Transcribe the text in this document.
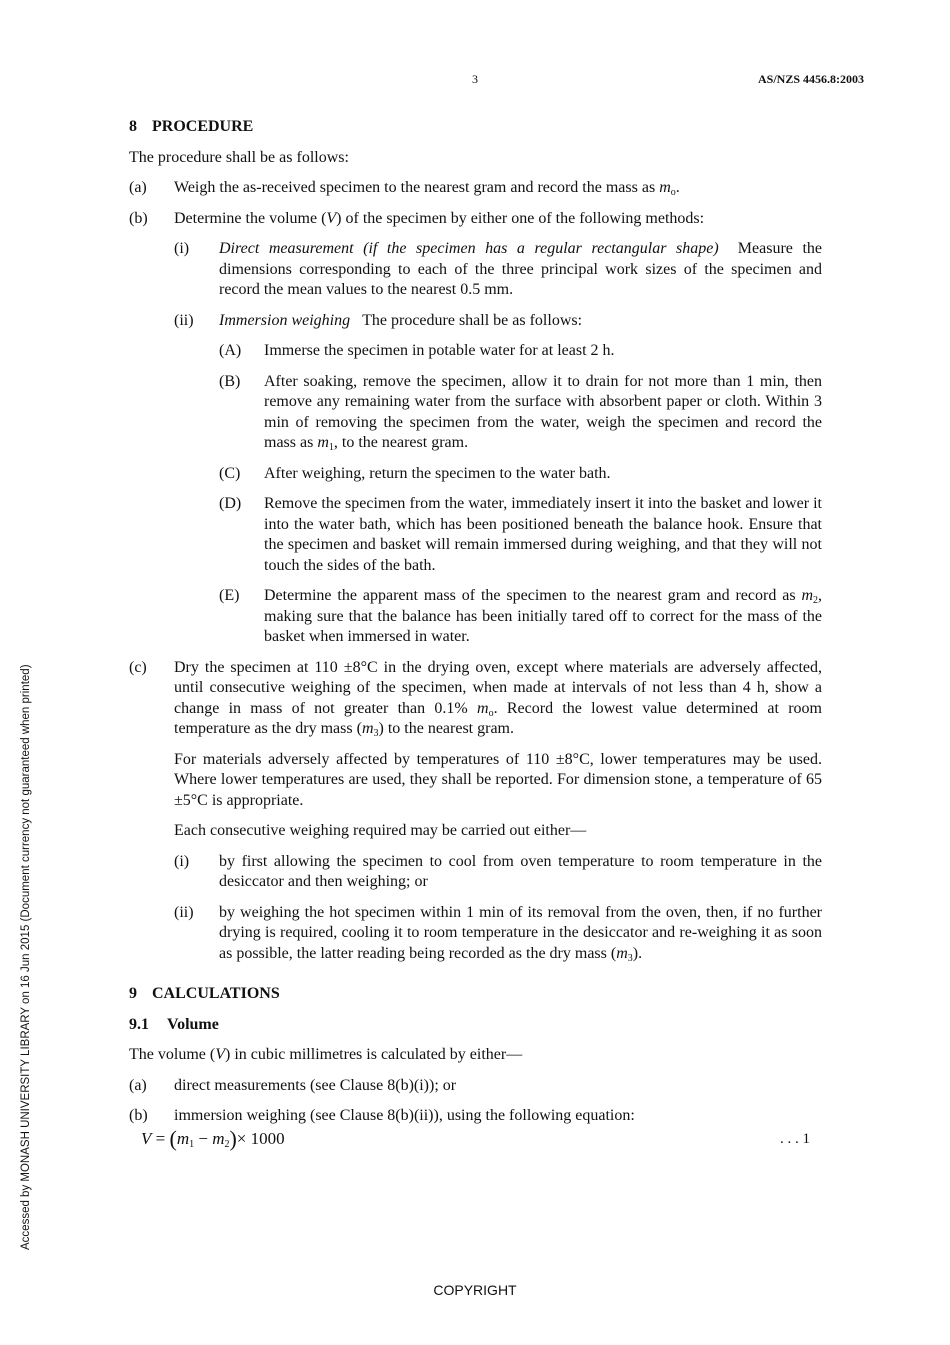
3	AS/NZS 4456.8:2003
Accessed by MONASH UNIVERSITY LIBRARY on 16 Jun 2015 (Document currency not guaranteed when printed)
8 PROCEDURE

The procedure shall be as follows:

(a)	Weigh the as-received specimen to the nearest gram and record the mass as $m_o$.
(b)	Determine the volume (V) of the specimen by either one of the following methods:
(i)	Direct measurement (if the specimen has a regular rectangular shape) Measure the dimensions corresponding to each of the three principal work sizes of the specimen and record the mean values to the nearest 0.5 mm.
(ii)	Immersion weighing The procedure shall be as follows:
(A)	Immerse the specimen in potable water for at least 2 h.
(B)	After soaking, remove the specimen, allow it to drain for not more than 1 min, then remove any remaining water from the surface with absorbent paper or cloth. Within 3 min of removing the specimen from the water, weigh the specimen and record the mass as $m_1$, to the nearest gram.
(C)	After weighing, return the specimen to the water bath.
(D)	Remove the specimen from the water, immediately insert it into the basket and lower it into the water bath, which has been positioned beneath the balance hook. Ensure that the specimen and basket will remain immersed during weighing, and that they will not touch the sides of the bath.
(E)	Determine the apparent mass of the specimen to the nearest gram and record as $m_2$, making sure that the balance has been initially tared off to correct for the mass of the basket when immersed in water.
(c)	Dry the specimen at 110 ±8°C in the drying oven, except where materials are adversely affected, until consecutive weighing of the specimen, when made at intervals of not less than 4 h, show a change in mass of not greater than 0.1% $m_o$. Record the lowest value determined at room temperature as the dry mass $(m_3)$ to the nearest gram.

For materials adversely affected by temperatures of 110 ±8°C, lower temperatures may be used. Where lower temperatures are used, they shall be reported. For dimension stone, a temperature of 65 ±5°C is appropriate.

Each consecutive weighing required may be carried out either—

(i)	by first allowing the specimen to cool from oven temperature to room temperature in the desiccator and then weighing; or
(ii)	by weighing the hot specimen within 1 min of its removal from the oven, then, if no further drying is required, cooling it to room temperature in the desiccator and re-weighing it as soon as possible, the latter reading being recorded as the dry mass $(m_3)$.
9 CALCULATIONS
9.1 Volume

The volume (V) in cubic millimetres is calculated by either—

(a)	direct measurements (see Clause 8(b)(i)); or
(b)	immersion weighing (see Clause 8(b)(ii)), using the following equation:
$V = (m_1 - m_2)\times 1000$	. . . 1
COPYRIGHT
